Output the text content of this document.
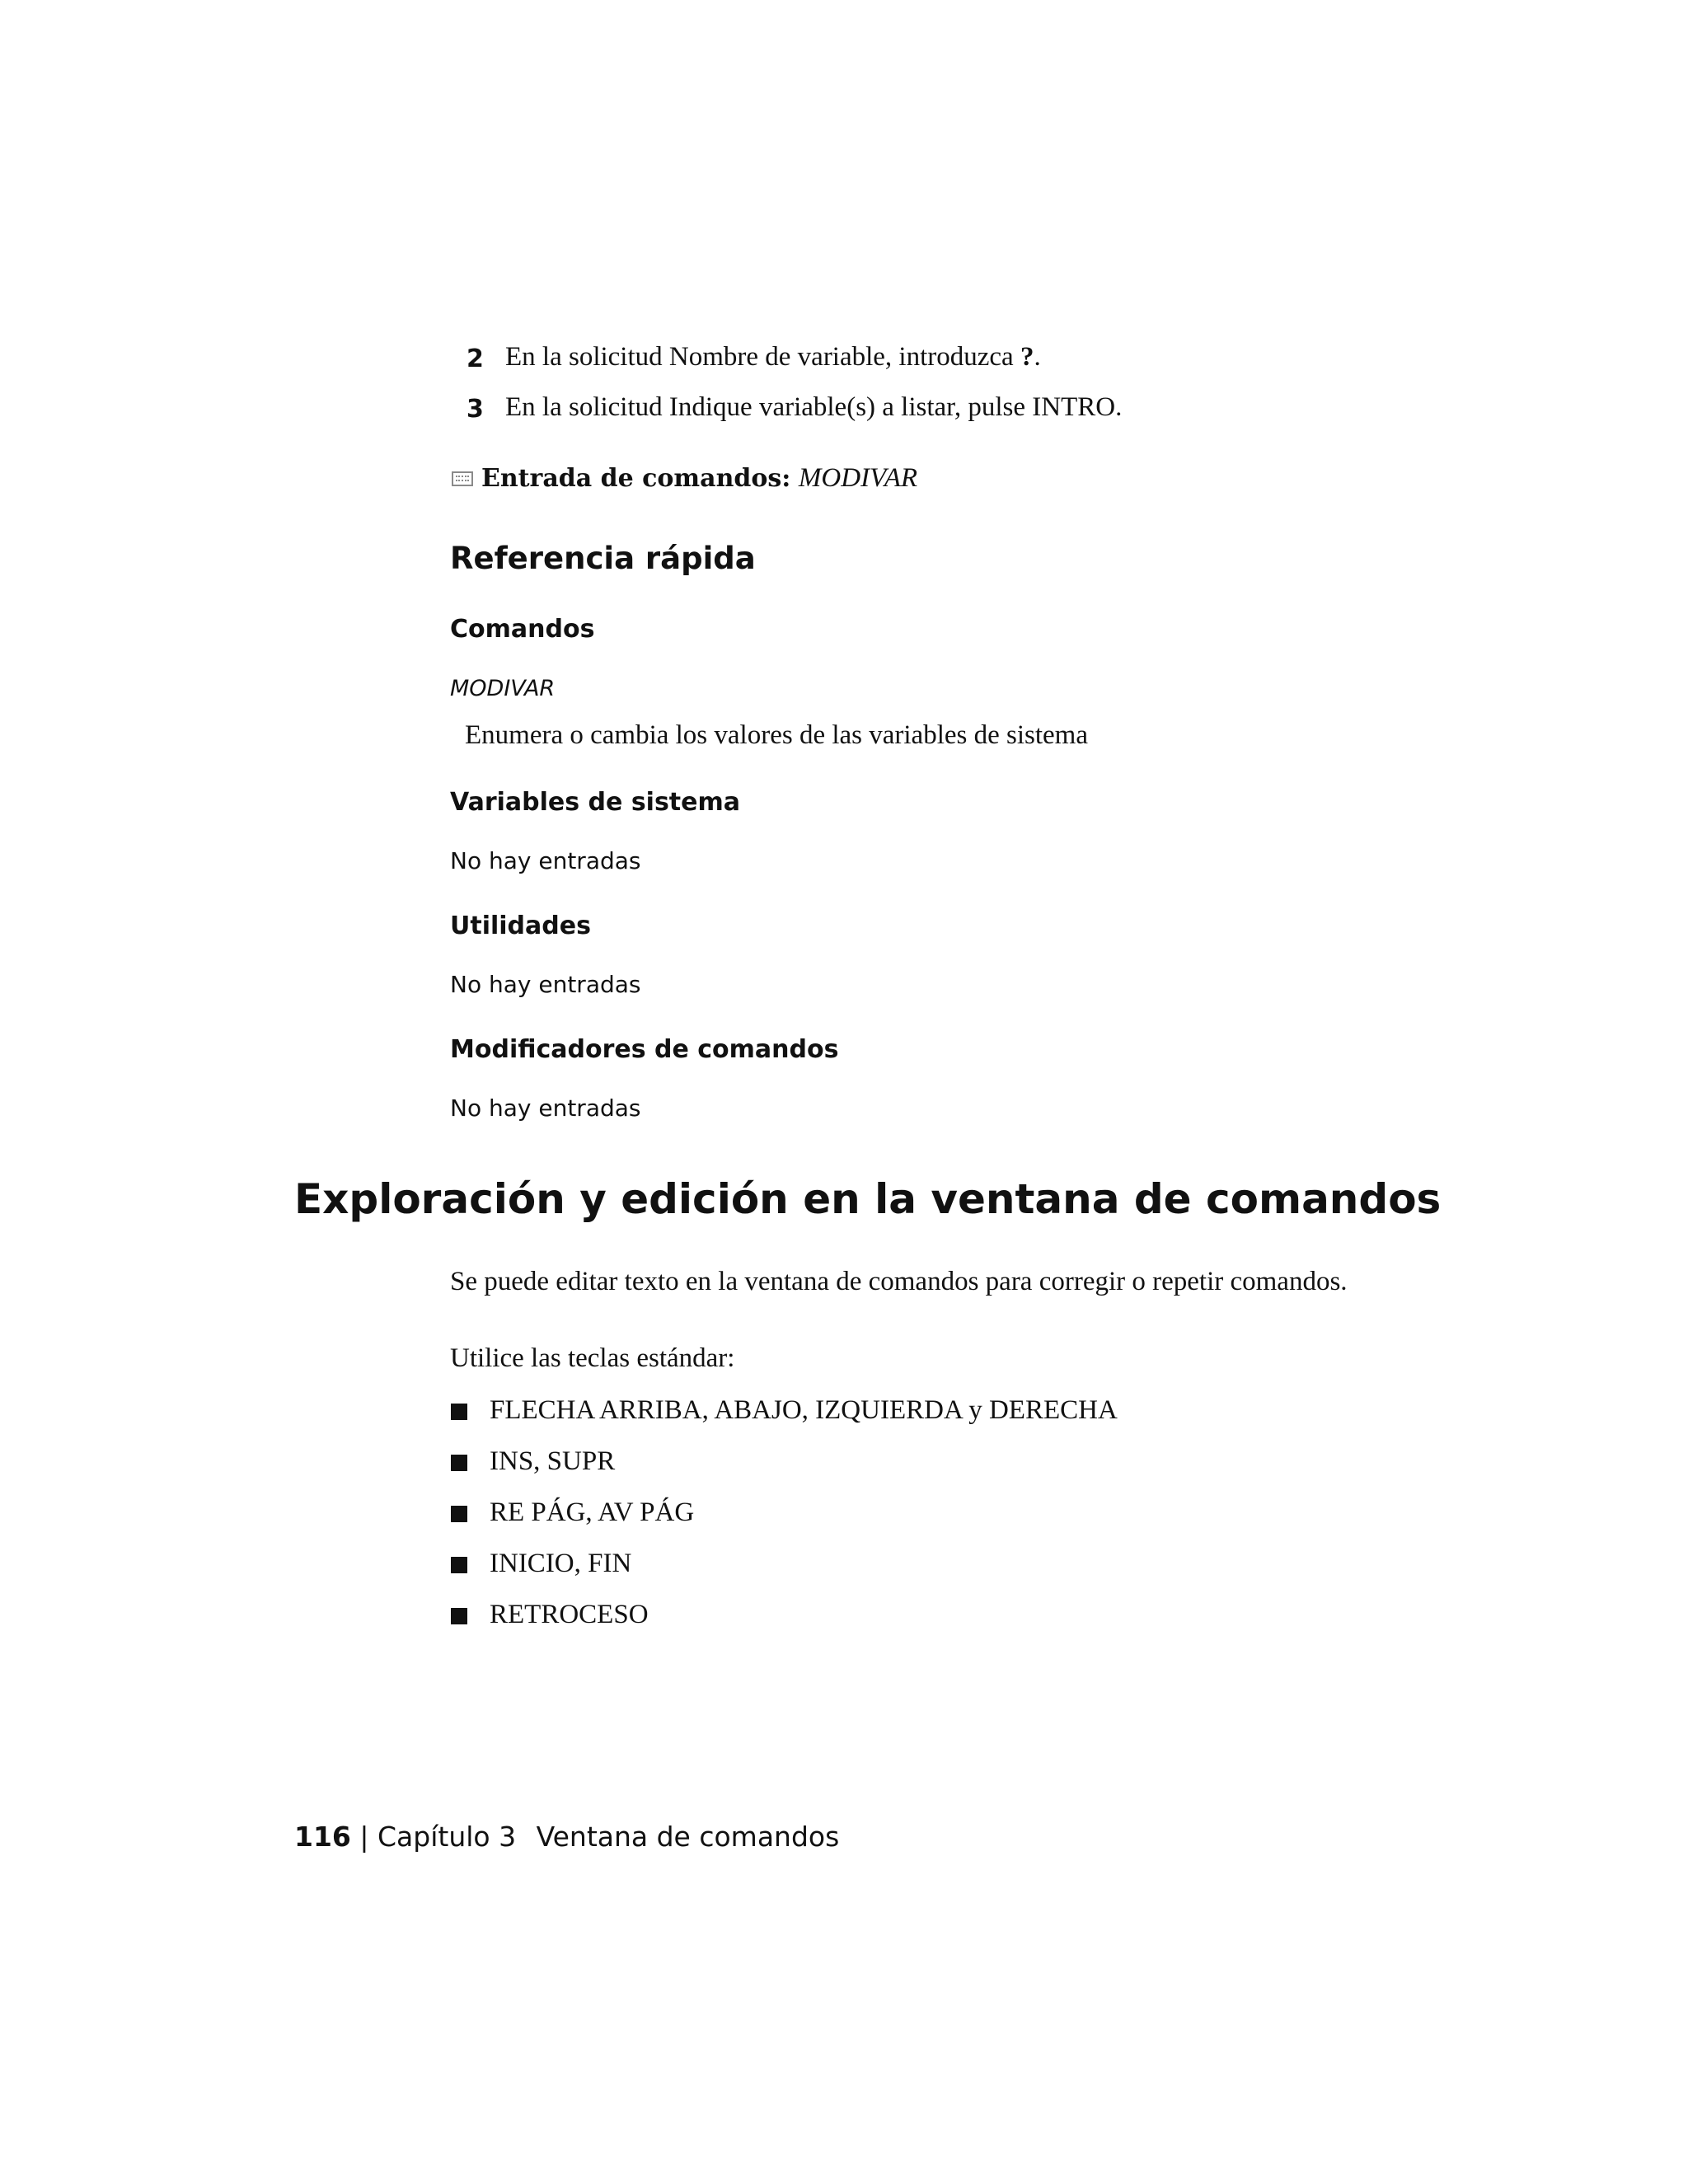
2 En la solicitud Nombre de variable, introduzca ?.
3 En la solicitud Indique variable(s) a listar, pulse INTRO.
Entrada de comandos: MODIVAR
Referencia rápida
Comandos
MODIVAR
Enumera o cambia los valores de las variables de sistema
Variables de sistema
No hay entradas
Utilidades
No hay entradas
Modificadores de comandos
No hay entradas
Exploración y edición en la ventana de comandos
Se puede editar texto en la ventana de comandos para corregir o repetir comandos.
Utilice las teclas estándar:
FLECHA ARRIBA, ABAJO, IZQUIERDA y DERECHA
INS, SUPR
RE PÁG, AV PÁG
INICIO, FIN
RETROCESO
116 | Capítulo 3 Ventana de comandos
